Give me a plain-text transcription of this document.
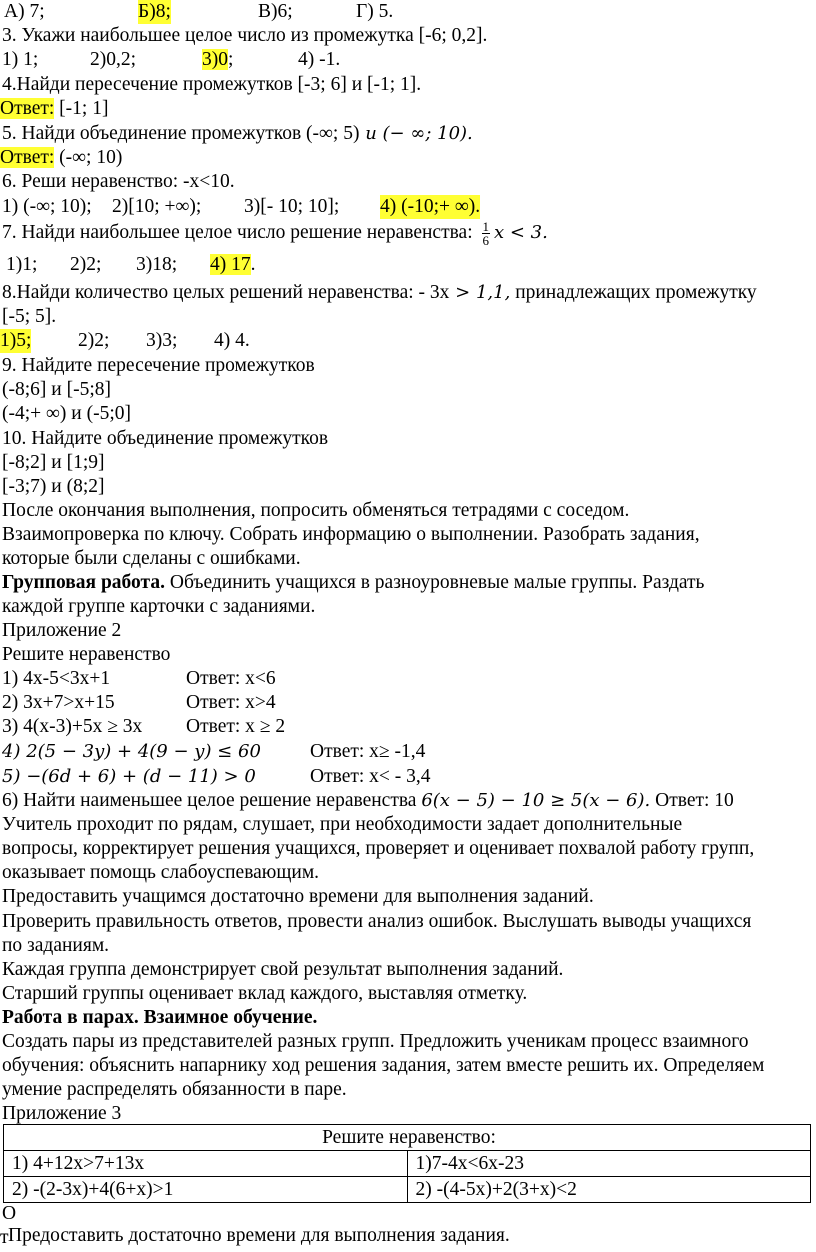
А) 7;	Б)8;	В)6;	Г) 5.
3. Укажи наибольшее целое число из промежутка [-6; 0,2].
1) 1;	2)0,2;	3)0;	4) -1.
4.Найди пересечение промежутков [-3; 6] и [-1; 1].
Ответ: [-1; 1]
5. Найди объединение промежутков (-∞; 5) и (− ∞; 10).
Ответ: (-∞; 10)
6. Реши неравенство: -х<10.
1) (-∞; 10); 2)[10; +∞); 3)[- 10; 10]; 4) (-10;+ ∞).
7. Найди наибольшее целое число решение неравенства: $\frac{1}{6}$ x < 3.
1)1; 2)2; 3)18; 4) 17.
8.Найди количество целых решений неравенства: - 3x > 1,1, принадлежащих промежутку
[-5; 5].
1)5; 2)2; 3)3; 4) 4.
9. Найдите пересечение промежутков
(-8;6] и [-5;8]
(-4;+ ∞) и (-5;0]
10. Найдите объединение промежутков
[-8;2] и [1;9]
[-3;7) и (8;2]
После окончания выполнения, попросить обменяться тетрадями с соседом.
Взаимопроверка по ключу. Собрать информацию о выполнении. Разобрать задания,
которые были сделаны с ошибками.
Групповая работа. Объединить учащихся в разноуровневые малые группы. Раздать
каждой группе карточки с заданиями.
Приложение 2
Решите неравенство
1) 4х-5<3х+1	Ответ: х<6
2) 3х+7>х+15	Ответ: х>4
3) 4(х-3)+5х ≥ 3х Ответ: х ≥ 2
4) 2(5 − 3y) + 4(9 − y) ≤ 60	Ответ: х≥ -1,4
5) −(6d + 6) + (d − 11) > 0	Ответ: х< - 3,4
6) Найти наименьшее целое решение неравенства 6(x − 5) − 10 ≥ 5(x − 6). Ответ: 10
Учитель проходит по рядам, слушает, при необходимости задает дополнительные
вопросы, корректирует решения учащихся, проверяет и оценивает похвалой работу групп,
оказывает помощь слабоуспевающим.
Предоставить учащимся достаточно времени для выполнения заданий.
Проверить правильность ответов, провести анализ ошибок. Выслушать выводы учащихся
по заданиям.
Каждая группа демонстрирует свой результат выполнения заданий.
Старший группы оценивает вклад каждого, выставляя отметку.
Работа в парах. Взаимное обучение.
Создать пары из представителей разных групп. Предложить ученикам процесс взаимного
обучения: объяснить напарнику ход решения задания, затем вместе решить их. Определяем
умение распределять обязанности в паре.
Приложение 3
Решите неравенство:	
1) 4+12х>7+13х	1)7-4х<6х-23
2) -(2-3х)+4(6+х)>1	2) -(4-5х)+2(3+х)<2
О
т Предоставить достаточно времени для выполнения задания.
